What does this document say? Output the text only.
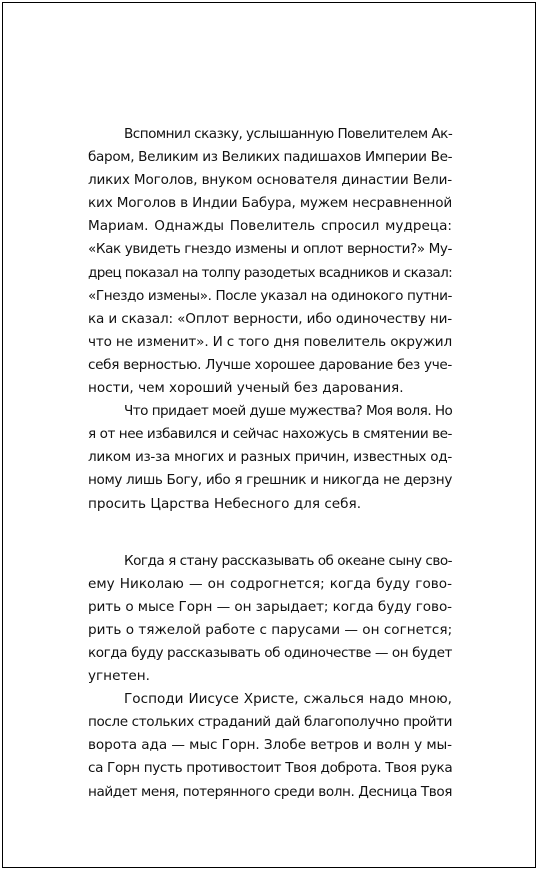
Вспомнил сказку, услышанную Повелителем Ак-
баром, Великим из Великих падишахов Империи Ве-
ликих Моголов, внуком основателя династии Вели-
ких Моголов в Индии Бабура, мужем несравненной
Мариам. Однажды Повелитель спросил мудреца:
«Как увидеть гнездо измены и оплот верности?» Му-
дрец показал на толпу разодетых всадников и сказал:
«Гнездо измены». После указал на одинокого путни-
ка и сказал: «Оплот верности, ибо одиночеству ни-
что не изменит». И с того дня повелитель окружил
себя верностью. Лучше хорошее дарование без уче-
ности, чем хороший ученый без дарования.
Что придает моей душе мужества? Моя воля. Но
я от нее избавился и сейчас нахожусь в смятении ве-
ликом из-за многих и разных причин, известных од-
ному лишь Богу, ибо я грешник и никогда не дерзну
просить Царства Небесного для себя.
Когда я стану рассказывать об океане сыну сво-
ему Николаю — он содрогнется; когда буду гово-
рить о мысе Горн — он зарыдает; когда буду гово-
рить о тяжелой работе с парусами — он согнется;
когда буду рассказывать об одиночестве — он будет
угнетен.
Господи Иисусе Христе, сжалься надо мною,
после стольких страданий дай благополучно пройти
ворота ада — мыс Горн. Злобе ветров и волн у мы-
са Горн пусть противостоит Твоя доброта. Твоя рука
найдет меня, потерянного среди волн. Десница Твоя
